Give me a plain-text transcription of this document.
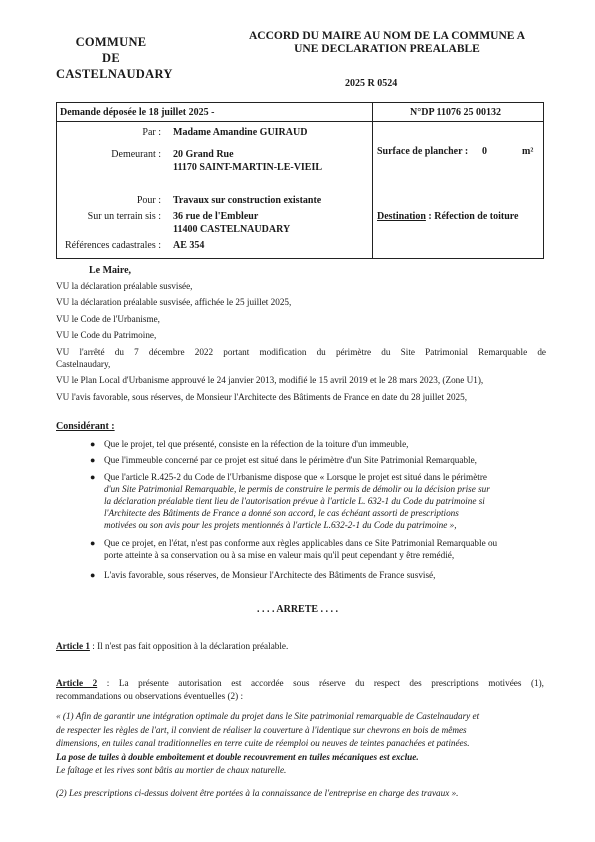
COMMUNE
DE
CASTELNAUDARY
ACCORD DU MAIRE AU NOM DE LA COMMUNE A
UNE DECLARATION PREALABLE
2025 R 0524
Demande déposée le 18 juillet 2025 -	N°DP 11076 25 00132
Par : Madame Amandine GUIRAUD
Demeurant : 20 Grand Rue
11170 SAINT-MARTIN-LE-VIEIL
Pour : Travaux sur construction existante
Sur un terrain sis : 36 rue de l'Embleur
11400 CASTELNAUDARY
Références cadastrales : AE 354
Surface de plancher : 0	m²
Destination : Réfection de toiture
Le Maire,
VU la déclaration préalable susvisée,
VU la déclaration préalable susvisée, affichée le 25 juillet 2025,
VU le Code de l'Urbanisme,
VU le Code du Patrimoine,
VU l'arrêté du 7 décembre 2022 portant modification du périmètre du Site Patrimonial Remarquable de
Castelnaudary,
VU le Plan Local d'Urbanisme approuvé le 24 janvier 2013, modifié le 15 avril 2019 et le 28 mars 2023, (Zone U1),
VU l'avis favorable, sous réserves, de Monsieur l'Architecte des Bâtiments de France en date du 28 juillet 2025,
Considérant :
● Que le projet, tel que présenté, consiste en la réfection de la toiture d'un immeuble,
● Que l'immeuble concerné par ce projet est situé dans le périmètre d'un Site Patrimonial Remarquable,
● Que l'article R.425-2 du Code de l'Urbanisme dispose que « Lorsque le projet est situé dans le périmètre
d'un Site Patrimonial Remarquable, le permis de construire le permis de démolir ou la décision prise sur
la déclaration préalable tient lieu de l'autorisation prévue à l'article L. 632-1 du Code du patrimoine si
l'Architecte des Bâtiments de France a donné son accord, le cas échéant assorti de prescriptions
motivées ou son avis pour les projets mentionnés à l'article L.632-2-1 du Code du patrimoine »,
● Que ce projet, en l'état, n'est pas conforme aux règles applicables dans ce Site Patrimonial Remarquable ou
porte atteinte à sa conservation ou à sa mise en valeur mais qu'il peut cependant y être remédié,
● L'avis favorable, sous réserves, de Monsieur l'Architecte des Bâtiments de France susvisé,
. . . . ARRETE . . . .
Article 1 : Il n'est pas fait opposition à la déclaration préalable.
Article 2 : La présente autorisation est accordée sous réserve du respect des prescriptions motivées (1),
recommandations ou observations éventuelles (2) :
« (1) Afin de garantir une intégration optimale du projet dans le Site patrimonial remarquable de Castelnaudary et
de respecter les règles de l'art, il convient de réaliser la couverture à l'identique sur chevrons en bois de mêmes
dimensions, en tuiles canal traditionnelles en terre cuite de réemploi ou neuves de teintes panachées et patinées.
La pose de tuiles à double emboîtement et double recouvrement en tuiles mécaniques est exclue.
Le faîtage et les rives sont bâtis au mortier de chaux naturelle.
(2) Les prescriptions ci-dessus doivent être portées à la connaissance de l'entreprise en charge des travaux ».
